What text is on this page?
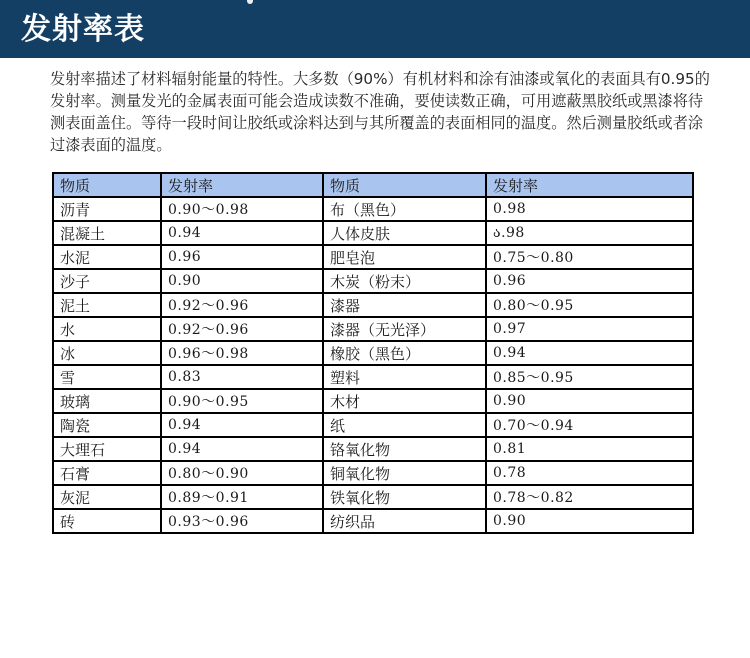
发射率表

发射率描述了材料辐射能量的特性。大多数（90%）有机材料和涂有油漆或氧化的表面具有0.95的发射率。测量发光的金属表面可能会造成读数不准确，要使读数正确，可用遮蔽黑胶纸或黑漆将待测表面盖住。等待一段时间让胶纸或涂料达到与其所覆盖的表面相同的温度。然后测量胶纸或者涂过漆表面的温度。

物质	发射率	物质	发射率
沥青	0.90～0.98	布（黑色）	0.98
混凝土	0.94	人体皮肤	ა.98
水泥	0.96	肥皂泡	0.75～0.80
沙子	0.90	木炭（粉末）	0.96
泥土	0.92～0.96	漆器	0.80～0.95
水	0.92～0.96	漆器（无光泽）	0.97
冰	0.96～0.98	橡胶（黑色）	0.94
雪	0.83	塑料	0.85～0.95
玻璃	0.90～0.95	木材	0.90
陶瓷	0.94	纸	0.70～0.94
大理石	0.94	铬氧化物	0.81
石膏	0.80～0.90	铜氧化物	0.78
灰泥	0.89～0.91	铁氧化物	0.78～0.82
砖	0.93～0.96	纺织品	0.90
